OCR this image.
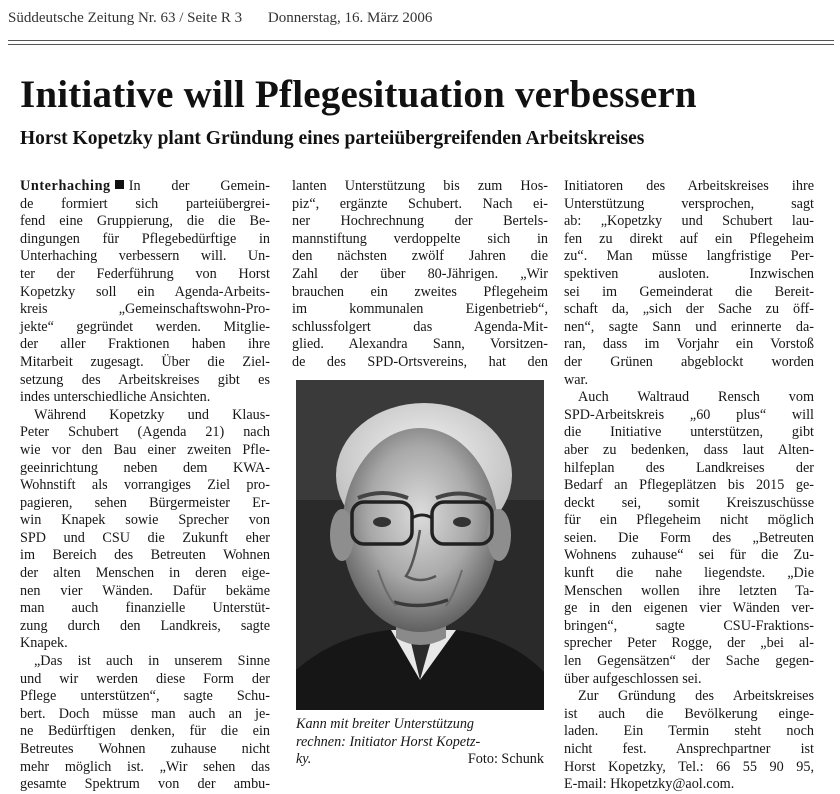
Süddeutsche Zeitung Nr. 63 / Seite R 3 Donnerstag, 16. März 2006
Initiative will Pflegesituation verbessern
Horst Kopetzky plant Gründung eines parteiübergreifenden Arbeitskreises
Unterhaching In der Gemein-
de formiert sich parteiübergrei-
fend eine Gruppierung, die die Be-
dingungen für Pflegebedürftige in
Unterhaching verbessern will. Un-
ter der Federführung von Horst
Kopetzky soll ein Agenda-Arbeits-
kreis „Gemeinschaftswohn-Pro-
jekte“ gegründet werden. Mitglie-
der aller Fraktionen haben ihre
Mitarbeit zugesagt. Über die Ziel-
setzung des Arbeitskreises gibt es
indes unterschiedliche Ansichten.
Während Kopetzky und Klaus-
Peter Schubert (Agenda 21) nach
wie vor den Bau einer zweiten Pfle-
geeinrichtung neben dem KWA-
Wohnstift als vorrangiges Ziel pro-
pagieren, sehen Bürgermeister Er-
win Knapek sowie Sprecher von
SPD und CSU die Zukunft eher
im Bereich des Betreuten Wohnen
der alten Menschen in deren eige-
nen vier Wänden. Dafür bekäme
man auch finanzielle Unterstüt-
zung durch den Landkreis, sagte
Knapek.
„Das ist auch in unserem Sinne
und wir werden diese Form der
Pflege unterstützen“, sagte Schu-
bert. Doch müsse man auch an je-
ne Bedürftigen denken, für die ein
Betreutes Wohnen zuhause nicht
mehr möglich ist. „Wir sehen das
gesamte Spektrum von der ambu-
lanten Unterstützung bis zum Hos-
piz“, ergänzte Schubert. Nach ei-
ner Hochrechnung der Bertels-
mannstiftung verdoppelte sich in
den nächsten zwölf Jahren die
Zahl der über 80-Jährigen. „Wir
brauchen ein zweites Pflegeheim
im kommunalen Eigenbetrieb“,
schlussfolgert das Agenda-Mit-
glied. Alexandra Sann, Vorsitzen-
de des SPD-Ortsvereins, hat den
Kann mit breiter Unterstützung
rechnen: Initiator Horst Kopetz-
ky.	Foto: Schunk
Initiatoren des Arbeitskreises ihre
Unterstützung versprochen, sagt
ab: „Kopetzky und Schubert lau-
fen zu direkt auf ein Pflegeheim
zu“. Man müsse langfristige Per-
spektiven ausloten. Inzwischen
sei im Gemeinderat die Bereit-
schaft da, „sich der Sache zu öff-
nen“, sagte Sann und erinnerte da-
ran, dass im Vorjahr ein Vorstoß
der Grünen abgeblockt worden
war.
Auch Waltraud Rensch vom
SPD-Arbeitskreis „60 plus“ will
die Initiative unterstützen, gibt
aber zu bedenken, dass laut Alten-
hilfeplan des Landkreises der
Bedarf an Pflegeplätzen bis 2015 ge-
deckt sei, somit Kreiszuschüsse
für ein Pflegeheim nicht möglich
seien. Die Form des „Betreuten
Wohnens zuhause“ sei für die Zu-
kunft die nahe liegendste. „Die
Menschen wollen ihre letzten Ta-
ge in den eigenen vier Wänden ver-
bringen“, sagte CSU-Fraktions-
sprecher Peter Rogge, der „bei al-
len Gegensätzen“ der Sache gegen-
über aufgeschlossen sei.
Zur Gründung des Arbeitskreises
ist auch die Bevölkerung einge-
laden. Ein Termin steht noch
nicht fest. Ansprechpartner ist
Horst Kopetzky, Tel.: 66 55 90 95,
E-mail: Hkopetzky@aol.com.
